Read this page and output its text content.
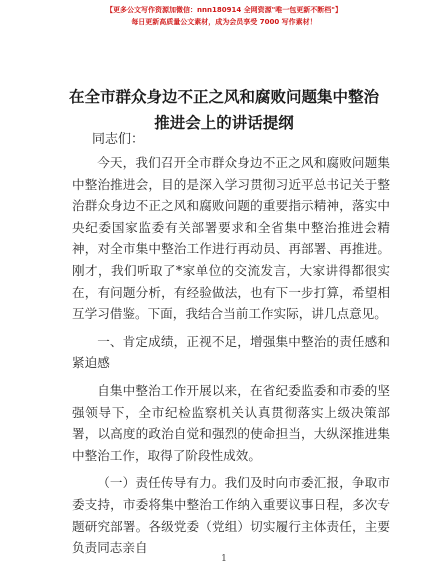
【更多公文写作资源加微信：nnn180914 全网资源"唯一包更新不断档"】
每日更新高质量公文素材，成为会员享受 7000 写作素材！
在全市群众身边不正之风和腐败问题集中整治
推进会上的讲话提纲
同志们：

今天，我们召开全市群众身边不正之风和腐败问题集中整治推进会，目的是深入学习贯彻习近平总书记关于整治群众身边不正之风和腐败问题的重要指示精神，落实中央纪委国家监委有关部署要求和全省集中整治推进会精神，对全市集中整治工作进行再动员、再部署、再推进。刚才，我们听取了*家单位的交流发言，大家讲得都很实在，有问题分析，有经验做法，也有下一步打算，希望相互学习借鉴。下面，我结合当前工作实际，讲几点意见。

一、肯定成绩，正视不足，增强集中整治的责任感和紧迫感

自集中整治工作开展以来，在省纪委监委和市委的坚强领导下，全市纪检监察机关认真贯彻落实上级决策部署，以高度的政治自觉和强烈的使命担当，大纵深推进集中整治工作，取得了阶段性成效。

（一）责任传导有力。我们及时向市委汇报，争取市委支持，市委将集中整治工作纳入重要议事日程，多次专题研究部署。各级党委（党组）切实履行主体责任，主要负责同志亲自

1
